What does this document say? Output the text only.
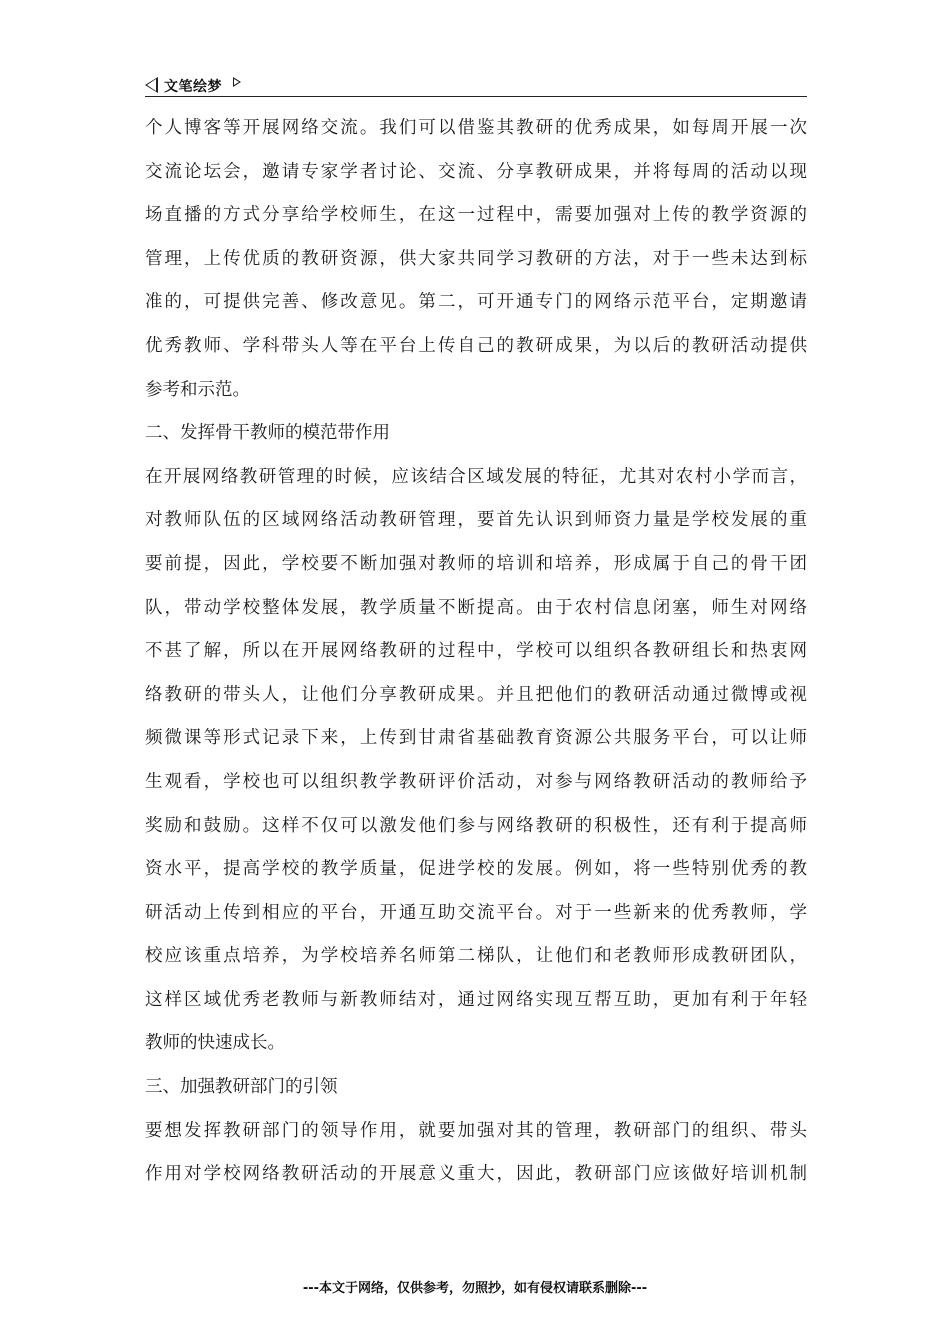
文笔绘梦
个人博客等开展网络交流。我们可以借鉴其教研的优秀成果，如每周开展一次
交流论坛会，邀请专家学者讨论、交流、分享教研成果，并将每周的活动以现
场直播的方式分享给学校师生，在这一过程中，需要加强对上传的教学资源的
管理，上传优质的教研资源，供大家共同学习教研的方法，对于一些未达到标
准的，可提供完善、修改意见。第二，可开通专门的网络示范平台，定期邀请
优秀教师、学科带头人等在平台上传自己的教研成果，为以后的教研活动提供
参考和示范。
二、发挥骨干教师的模范带作用
在开展网络教研管理的时候，应该结合区域发展的特征，尤其对农村小学而言，
对教师队伍的区域网络活动教研管理，要首先认识到师资力量是学校发展的重
要前提，因此，学校要不断加强对教师的培训和培养，形成属于自己的骨干团
队，带动学校整体发展，教学质量不断提高。由于农村信息闭塞，师生对网络
不甚了解，所以在开展网络教研的过程中，学校可以组织各教研组长和热衷网
络教研的带头人，让他们分享教研成果。并且把他们的教研活动通过微博或视
频微课等形式记录下来，上传到甘肃省基础教育资源公共服务平台，可以让师
生观看，学校也可以组织教学教研评价活动，对参与网络教研活动的教师给予
奖励和鼓励。这样不仅可以激发他们参与网络教研的积极性，还有利于提高师
资水平，提高学校的教学质量，促进学校的发展。例如，将一些特别优秀的教
研活动上传到相应的平台，开通互助交流平台。对于一些新来的优秀教师，学
校应该重点培养，为学校培养名师第二梯队，让他们和老教师形成教研团队，
这样区域优秀老教师与新教师结对，通过网络实现互帮互助，更加有利于年轻
教师的快速成长。
三、加强教研部门的引领
要想发挥教研部门的领导作用，就要加强对其的管理，教研部门的组织、带头
作用对学校网络教研活动的开展意义重大，因此，教研部门应该做好培训机制
---本文于网络，仅供参考，勿照抄，如有侵权请联系删除---
